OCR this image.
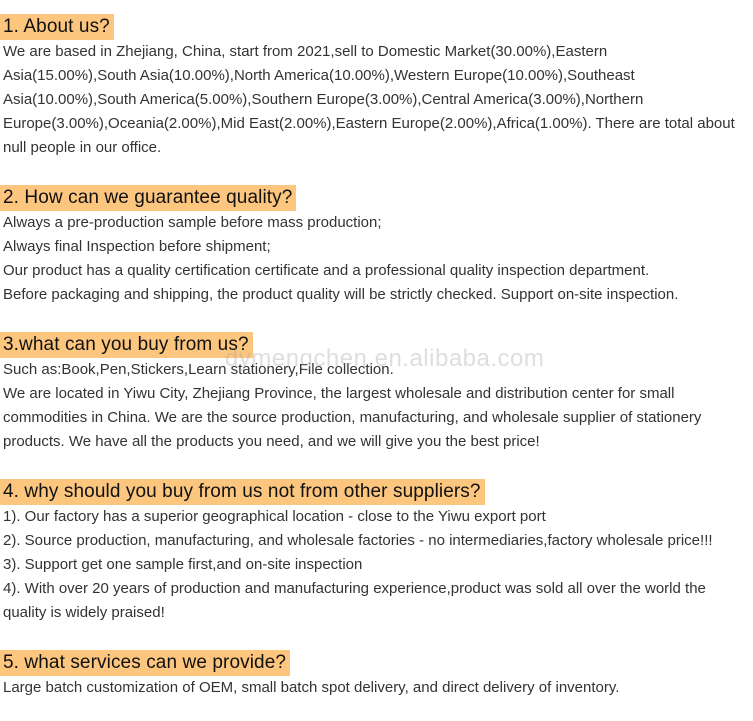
1. About us?
We are based in Zhejiang, China, start from 2021,sell to Domestic Market(30.00%),Eastern
Asia(15.00%),South Asia(10.00%),North America(10.00%),Western Europe(10.00%),Southeast
Asia(10.00%),South America(5.00%),Southern Europe(3.00%),Central America(3.00%),Northern
Europe(3.00%),Oceania(2.00%),Mid East(2.00%),Eastern Europe(2.00%),Africa(1.00%). There are total about
null people in our office.
2. How can we guarantee quality?
Always a pre-production sample before mass production;
Always final Inspection before shipment;
Our product has a quality certification certificate and a professional quality inspection department.
Before packaging and shipping, the product quality will be strictly checked. Support on-site inspection.
3.what can you buy from us?
Such as:Book,Pen,Stickers,Learn stationery,File collection.
We are located in Yiwu City, Zhejiang Province, the largest wholesale and distribution center for small
commodities in China. We are the source production, manufacturing, and wholesale supplier of stationery
products. We have all the products you need, and we will give you the best price!
4. why should you buy from us not from other suppliers?
1). Our factory has a superior geographical location - close to the Yiwu export port
2). Source production, manufacturing, and wholesale factories - no intermediaries,factory wholesale price!!!
3). Support get one sample first,and on-site inspection
4). With over 20 years of production and manufacturing experience,product was sold all over the world the
quality is widely praised!
5. what services can we provide?
Large batch customization of OEM, small batch spot delivery, and direct delivery of inventory.
dymengchen.en.alibaba.com
